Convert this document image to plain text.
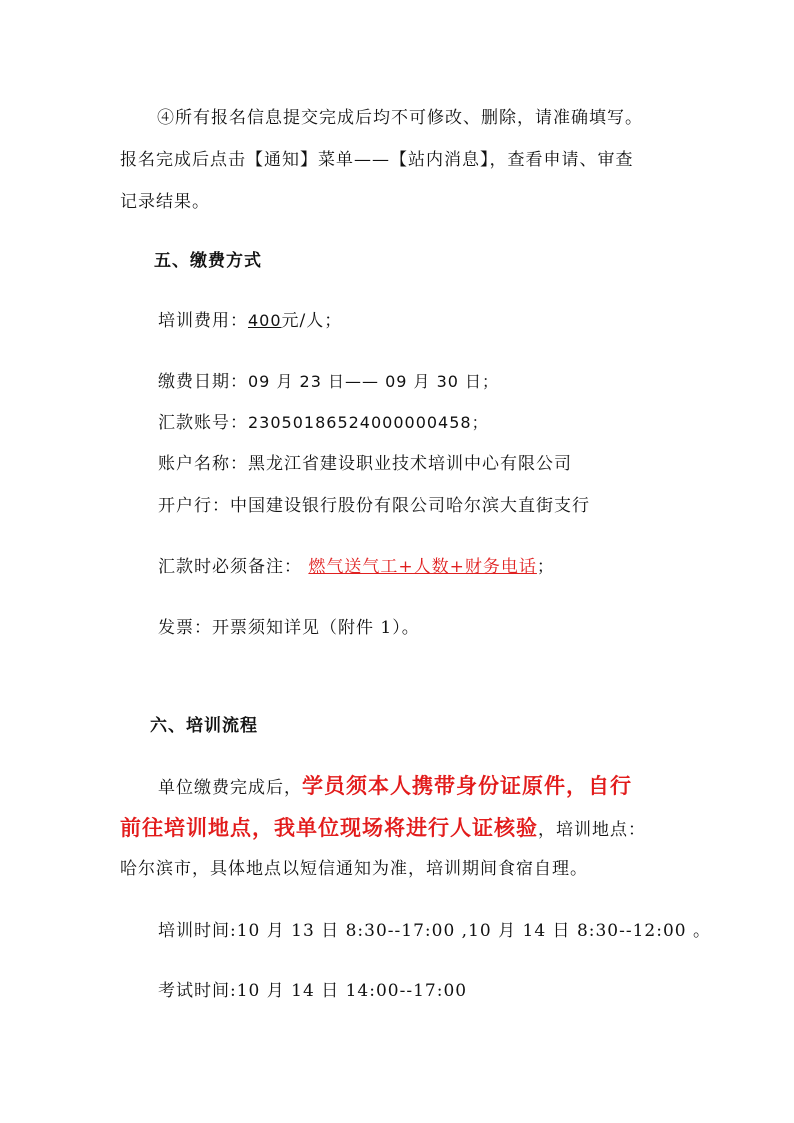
④所有报名信息提交完成后均不可修改、删除，请准确填写。
报名完成后点击【通知】菜单——【站内消息】，查看申请、审查
记录结果。
五、缴费方式
培训费用：400元/人；
缴费日期：09 月 23 日—— 09 月 30 日；
汇款账号：23050186524000000458；
账户名称：黑龙江省建设职业技术培训中心有限公司
开户行：中国建设银行股份有限公司哈尔滨大直街支行
汇款时必须备注： 燃气送气工+人数+财务电话；
发票：开票须知详见（附件 1）。
六、培训流程
单位缴费完成后，学员须本人携带身份证原件，自行
前往培训地点，我单位现场将进行人证核验，培训地点：
哈尔滨市，具体地点以短信通知为准，培训期间食宿自理。
培训时间:10 月 13 日 8:30--17:00 ,10 月 14 日 8:30--12:00 。
考试时间:10 月 14 日 14:00--17:00
